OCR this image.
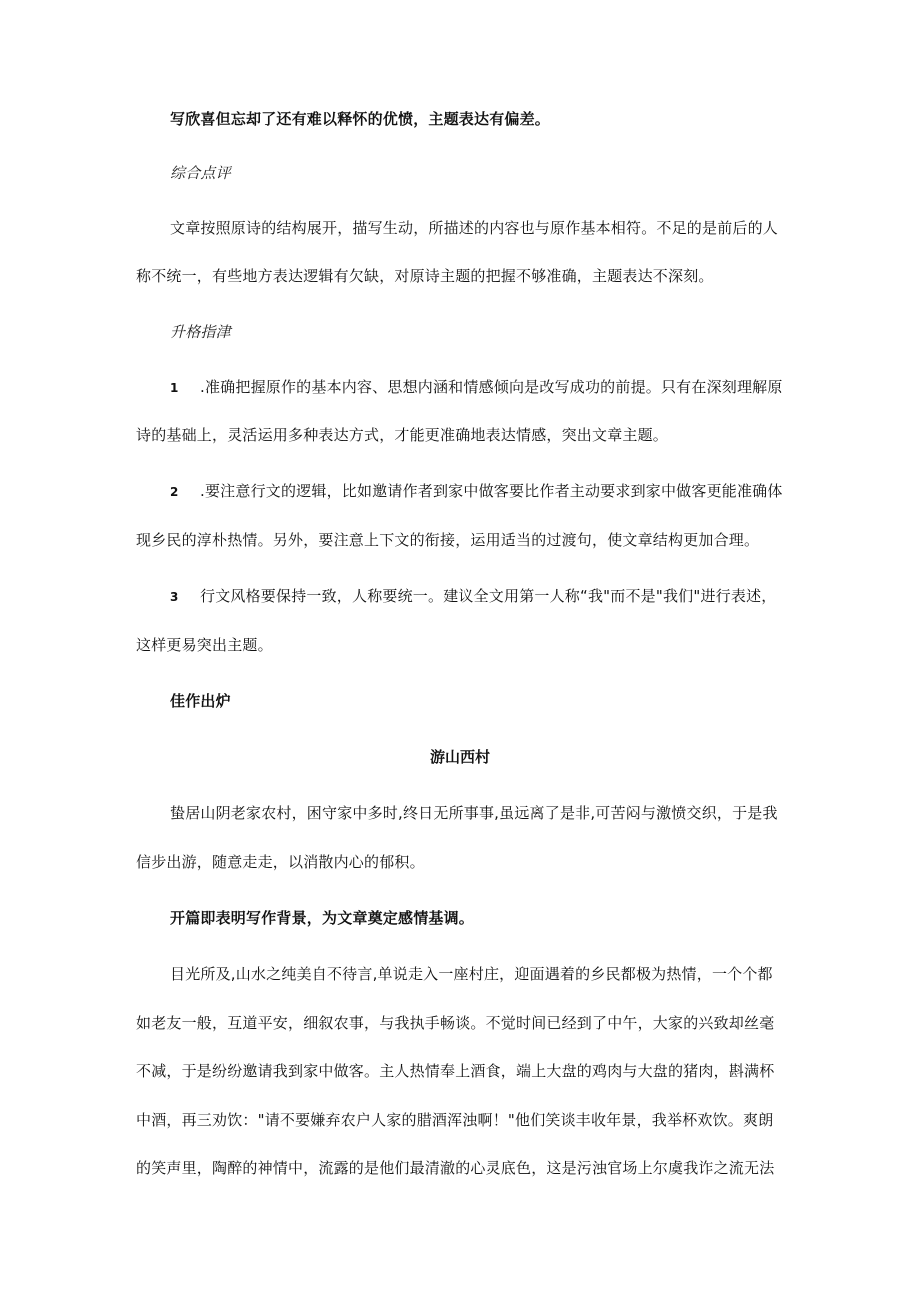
写欣喜但忘却了还有难以释怀的优愤，主题表达有偏差。
综合点评
文章按照原诗的结构展开，描写生动，所描述的内容也与原作基本相符。不足的是前后的人
称不统一，有些地方表达逻辑有欠缺，对原诗主题的把握不够准确，主题表达不深刻。
升格指津
1 .准确把握原作的基本内容、思想内涵和情感倾向是改写成功的前提。只有在深刻理解原
诗的基础上，灵活运用多种表达方式，才能更准确地表达情感，突出文章主题。
2 .要注意行文的逻辑，比如邀请作者到家中做客要比作者主动要求到家中做客更能准确体
现乡民的淳朴热情。另外，要注意上下文的衔接，运用适当的过渡句，使文章结构更加合理。
3 行文风格要保持一致，人称要统一。建议全文用第一人称“我"而不是"我们"进行表述，
这样更易突出主题。
佳作出炉
游山西村
蛰居山阴老家农村，困守家中多时,终日无所事事,虽远离了是非,可苦闷与激愤交织，于是我
信步出游，随意走走，以消散内心的郁积。
开篇即表明写作背景，为文章奠定感情基调。
目光所及,山水之纯美自不待言,单说走入一座村庄，迎面遇着的乡民都极为热情，一个个都
如老友一般，互道平安，细叙农事，与我执手畅谈。不觉时间已经到了中午，大家的兴致却丝毫
不减，于是纷纷邀请我到家中做客。主人热情奉上酒食，端上大盘的鸡肉与大盘的猪肉，斟满杯
中酒，再三劝饮："请不要嫌弃农户人家的腊酒浑浊啊！"他们笑谈丰收年景，我举杯欢饮。爽朗
的笑声里，陶醉的神情中，流露的是他们最清澈的心灵底色，这是污浊官场上尔虞我诈之流无法
